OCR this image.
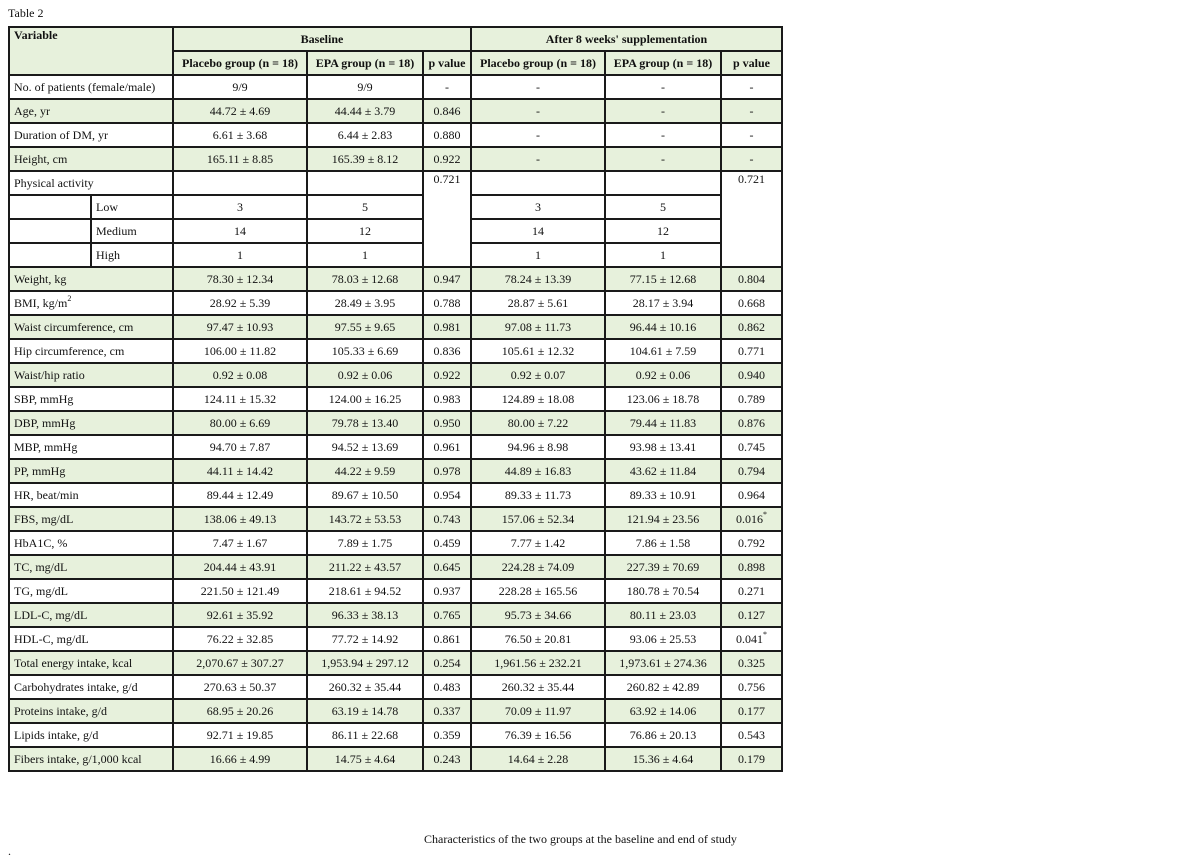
Table 2
Variable		Baseline			After 8 weeks' supplementation		
		Placebo group (n = 18)	EPA group (n = 18)	p value	Placebo group (n = 18)	EPA group (n = 18)	p value
No. of patients (female/male)		9/9	9/9	-	-	-	-
Age, yr		44.72 ± 4.69	44.44 ± 3.79	0.846	-	-	-
Duration of DM, yr		6.61 ± 3.68	6.44 ± 2.83	0.880	-	-	-
Height, cm		165.11 ± 8.85	165.39 ± 8.12	0.922	-	-	-
Physical activity				0.721			0.721
	Low	3	5		3	5	
	Medium	14	12		14	12	
	High	1	1		1	1	
Weight, kg		78.30 ± 12.34	78.03 ± 12.68	0.947	78.24 ± 13.39	77.15 ± 12.68	0.804
BMI, $kg/m^2$		28.92 ± 5.39	28.49 ± 3.95	0.788	28.87 ± 5.61	28.17 ± 3.94	0.668
Waist circumference, cm		97.47 ± 10.93	97.55 ± 9.65	0.981	97.08 ± 11.73	96.44 ± 10.16	0.862
Hip circumference, cm		106.00 ± 11.82	105.33 ± 6.69	0.836	105.61 ± 12.32	104.61 ± 7.59	0.771
Waist/hip ratio		0.92 ± 0.08	0.92 ± 0.06	0.922	0.92 ± 0.07	0.92 ± 0.06	0.940
SBP, mmHg		124.11 ± 15.32	124.00 ± 16.25	0.983	124.89 ± 18.08	123.06 ± 18.78	0.789
DBP, mmHg		80.00 ± 6.69	79.78 ± 13.40	0.950	80.00 ± 7.22	79.44 ± 11.83	0.876
MBP, mmHg		94.70 ± 7.87	94.52 ± 13.69	0.961	94.96 ± 8.98	93.98 ± 13.41	0.745
PP, mmHg		44.11 ± 14.42	44.22 ± 9.59	0.978	44.89 ± 16.83	43.62 ± 11.84	0.794
HR, beat/min		89.44 ± 12.49	89.67 ± 10.50	0.954	89.33 ± 11.73	89.33 ± 10.91	0.964
FBS, mg/dL		138.06 ± 49.13	143.72 ± 53.53	0.743	157.06 ± 52.34	121.94 ± 23.56	0.016*
HbA1C, %		7.47 ± 1.67	7.89 ± 1.75	0.459	7.77 ± 1.42	7.86 ± 1.58	0.792
TC, mg/dL		204.44 ± 43.91	211.22 ± 43.57	0.645	224.28 ± 74.09	227.39 ± 70.69	0.898
TG, mg/dL		221.50 ± 121.49	218.61 ± 94.52	0.937	228.28 ± 165.56	180.78 ± 70.54	0.271
LDL-C, mg/dL		92.61 ± 35.92	96.33 ± 38.13	0.765	95.73 ± 34.66	80.11 ± 23.03	0.127
HDL-C, mg/dL		76.22 ± 32.85	77.72 ± 14.92	0.861	76.50 ± 20.81	93.06 ± 25.53	0.041*
Total energy intake, kcal		2,070.67 ± 307.27	1,953.94 ± 297.12	0.254	1,961.56 ± 232.21	1,973.61 ± 274.36	0.325
Carbohydrates intake, g/d		270.63 ± 50.37	260.32 ± 35.44	0.483	260.32 ± 35.44	260.82 ± 42.89	0.756
Proteins intake, g/d		68.95 ± 20.26	63.19 ± 14.78	0.337	70.09 ± 11.97	63.92 ± 14.06	0.177
Lipids intake, g/d		92.71 ± 19.85	86.11 ± 22.68	0.359	76.39 ± 16.56	76.86 ± 20.13	0.543
Fibers intake, g/1,000 kcal		16.66 ± 4.99	14.75 ± 4.64	0.243	14.64 ± 2.28	15.36 ± 4.64	0.179
Characteristics of the two groups at the baseline and end of study
.
